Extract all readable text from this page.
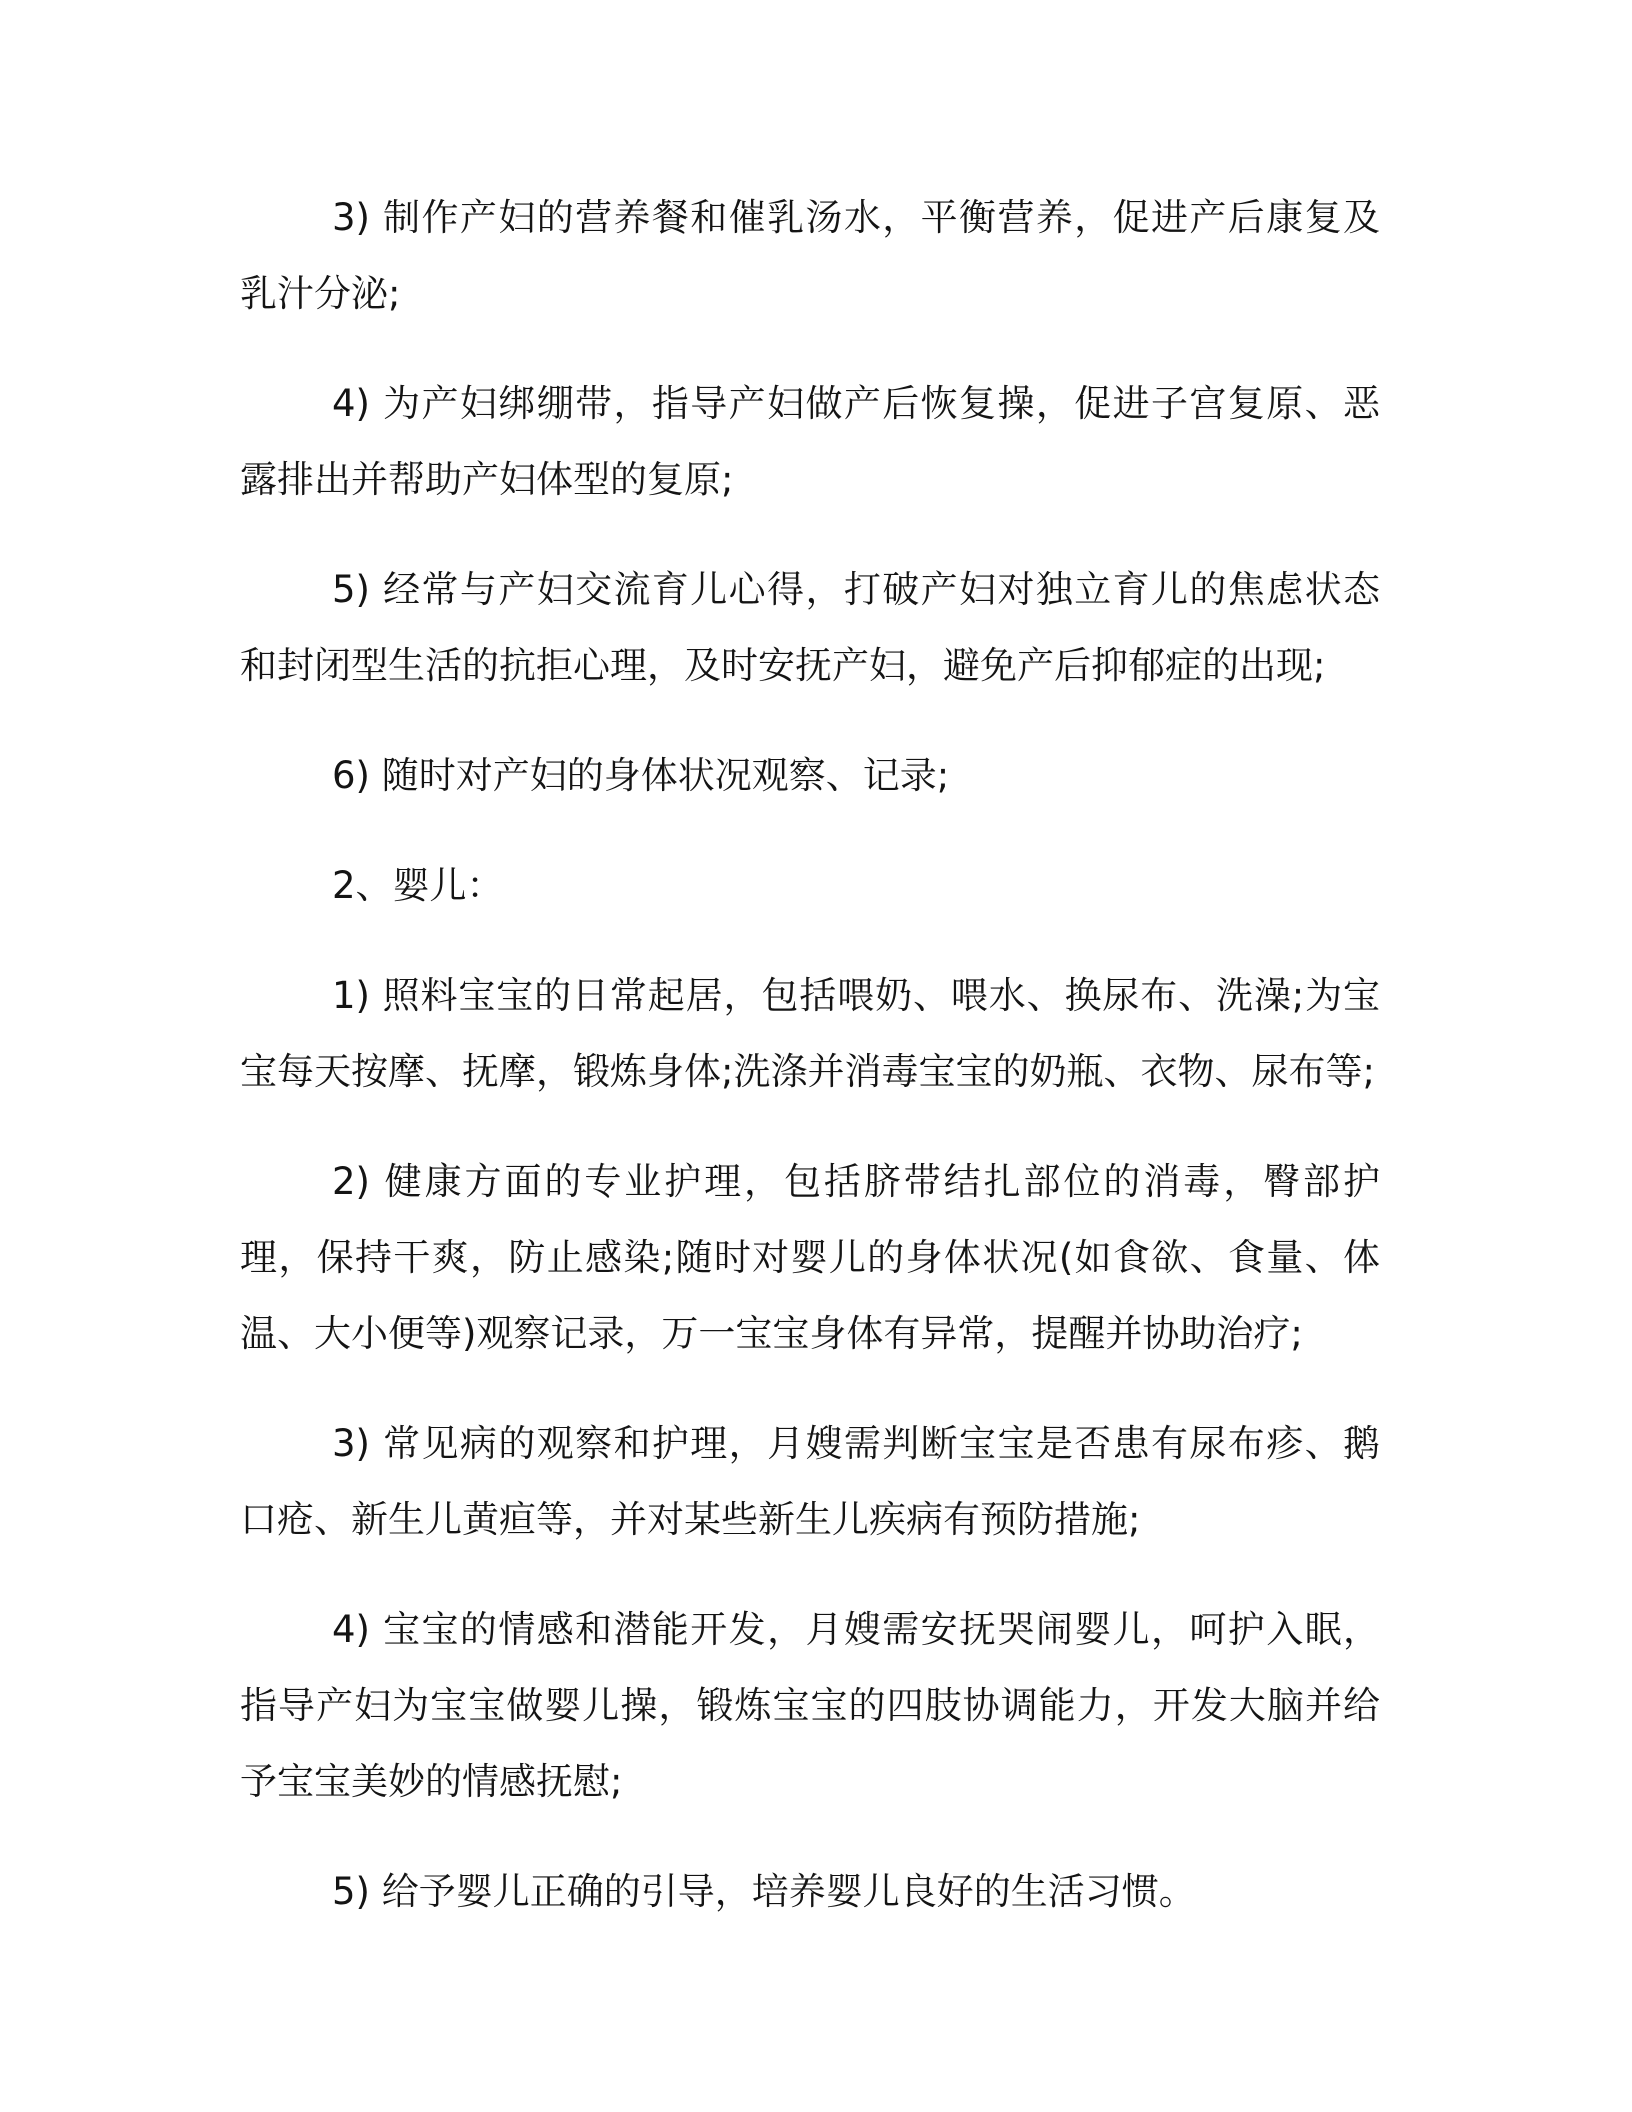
3) 制作产妇的营养餐和催乳汤水，平衡营养，促进产后康复及乳汁分泌;

4) 为产妇绑绷带，指导产妇做产后恢复操，促进子宫复原、恶露排出并帮助产妇体型的复原;

5) 经常与产妇交流育儿心得，打破产妇对独立育儿的焦虑状态和封闭型生活的抗拒心理，及时安抚产妇，避免产后抑郁症的出现;

6) 随时对产妇的身体状况观察、记录;

2、婴儿：

1) 照料宝宝的日常起居，包括喂奶、喂水、换尿布、洗澡;为宝宝每天按摩、抚摩，锻炼身体;洗涤并消毒宝宝的奶瓶、衣物、尿布等;

2) 健康方面的专业护理，包括脐带结扎部位的消毒，臀部护理，保持干爽，防止感染;随时对婴儿的身体状况(如食欲、食量、体温、大小便等)观察记录，万一宝宝身体有异常，提醒并协助治疗;

3) 常见病的观察和护理，月嫂需判断宝宝是否患有尿布疹、鹅口疮、新生儿黄疸等，并对某些新生儿疾病有预防措施;

4) 宝宝的情感和潜能开发，月嫂需安抚哭闹婴儿，呵护入眠，指导产妇为宝宝做婴儿操，锻炼宝宝的四肢协调能力，开发大脑并给予宝宝美妙的情感抚慰;

5) 给予婴儿正确的引导，培养婴儿良好的生活习惯。
